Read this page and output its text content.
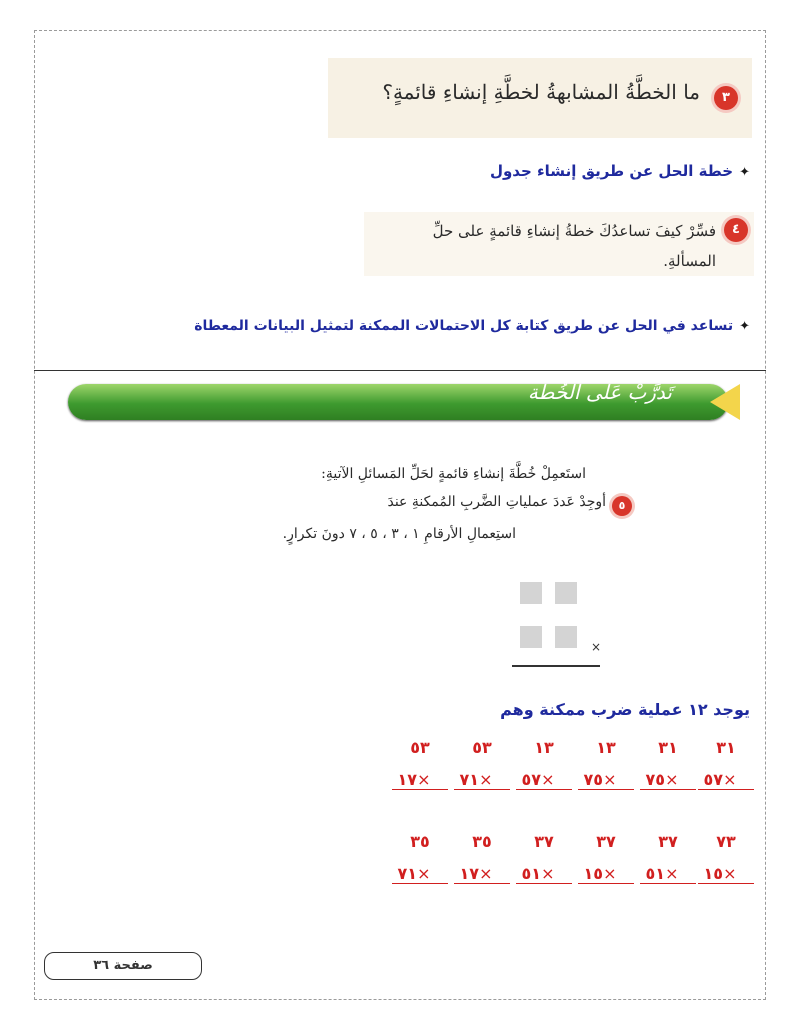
٣
ما الخطَّةُ المشابهةُ لخطَّةِ إنشاءِ قائمةٍ؟
✦خطة الحل عن طريق إنشاء جدول
٤
فسِّرْ كيفَ تساعدُكَ خطةُ إنشاءِ قائمةٍ على حلِّ
المسألةِ.
✦تساعد في الحل عن طريق كتابة كل الاحتمالات الممكنة لتمثيل البيانات المعطاة
تَدرَّبْ عَلى الخُطَّة
استَعمِلْ خُطَّةَ إنشاءِ قائمةٍ لحَلِّ المَسائلِ الآتيةِ:
٥
أوجِدْ عَددَ عملياتِ الضَّربِ المُمكنةِ عندَ
استِعمالِ الأرقامِ ١ ، ٣ ، ٥ ، ٧ دونَ تكرارٍ.
×
يوجد ١٢ عملية ضرب ممكنة وهم
٥٣	٥٣	١٣	١٣	٣١	٣١
١٧×	٧١×	٥٧×	٧٥×	٧٥×	٥٧×
٣٥	٣٥	٣٧	٣٧	٣٧	٧٣
٧١×	١٧×	٥١×	١٥×	٥١×	١٥×
صفحة ٣٦
